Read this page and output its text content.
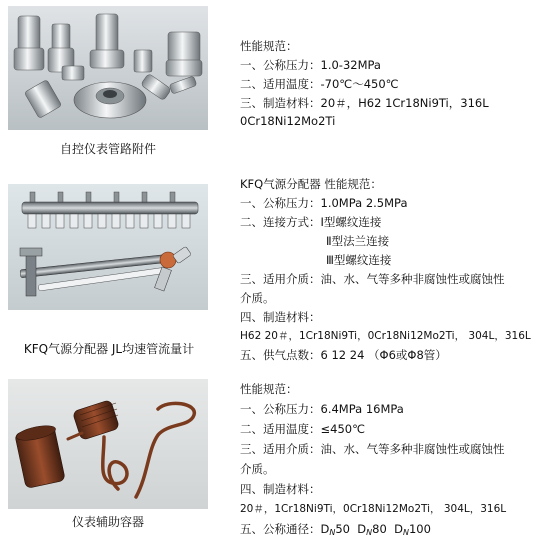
自控仪表管路附件
性能规范：
一、公称压力：1.0-32MPa
二、适用温度：-70℃～450℃
三、制造材料：20＃，H62 1Cr18Ni9Ti，316L
0Cr18Ni12Mo2Ti
KFQ气源分配器 JL均速管流量计
KFQ气源分配器 性能规范：
一、公称压力：1.0MPa 2.5MPa
二、连接方式：Ⅰ型螺纹连接
Ⅱ型法兰连接
Ⅲ型螺纹连接
三、适用介质：油、水、气等多种非腐蚀性或腐蚀性
介质。
四、制造材料：
H62 20＃，1Cr18Ni9Ti，0Cr18Ni12Mo2Ti， 304L，316L
五、供气点数：6 12 24 （Φ6或Φ8管）
仪表辅助容器
性能规范：
一、公称压力：6.4MPa 16MPa
二、适用温度：≤450℃
三、适用介质：油、水、气等多种非腐蚀性或腐蚀性
介质。
四、制造材料：
20＃，1Cr18Ni9Ti，0Cr18Ni12Mo2Ti， 304L，316L
五、公称通径：$D_N50$ $D_N80$ $D_N100$
